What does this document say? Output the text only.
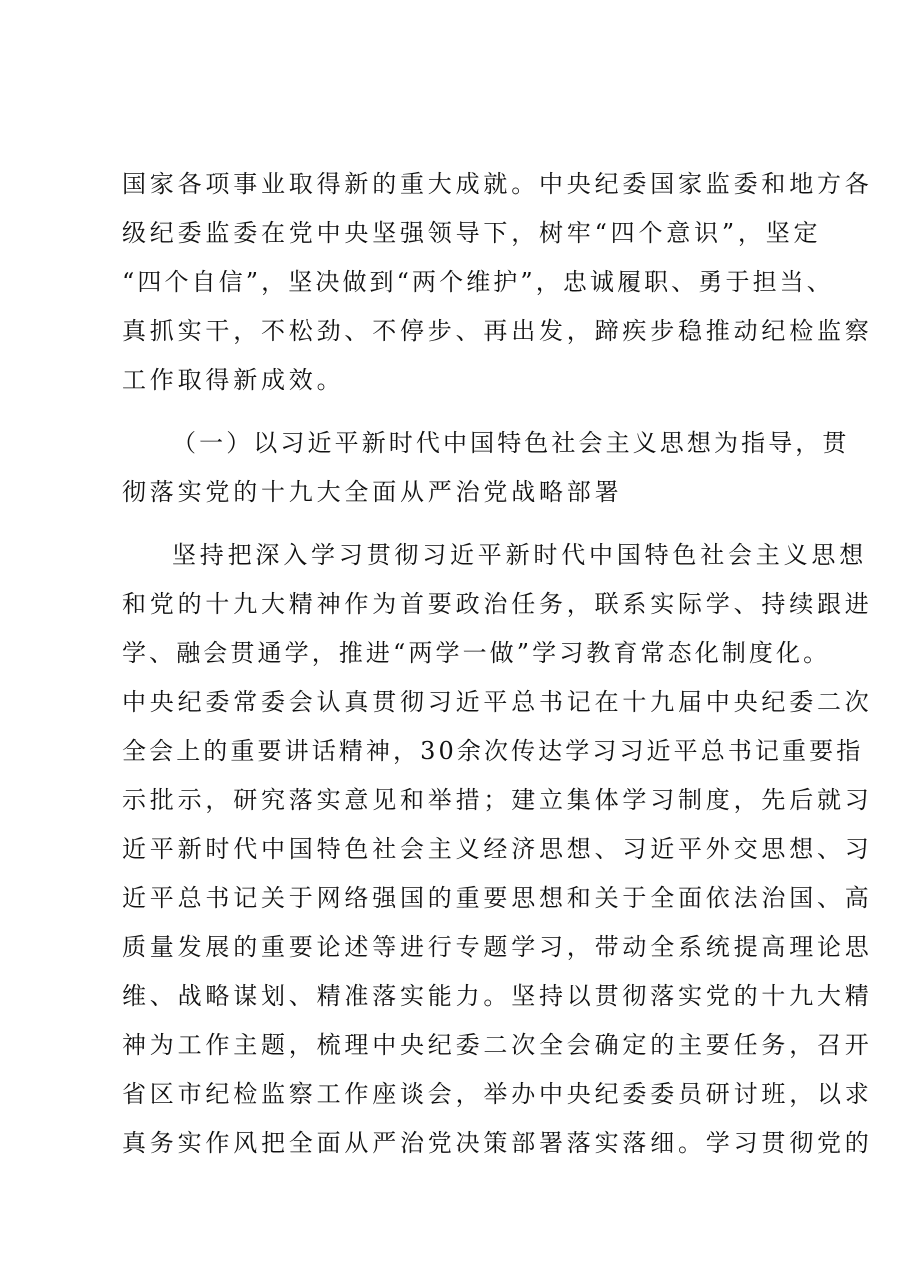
国家各项事业取得新的重大成就。中央纪委国家监委和地方各
级纪委监委在党中央坚强领导下，树牢“四个意识”，坚定
“四个自信”，坚决做到“两个维护”，忠诚履职、勇于担当、
真抓实干，不松劲、不停步、再出发，蹄疾步稳推动纪检监察
工作取得新成效。
（一）以习近平新时代中国特色社会主义思想为指导，贯
彻落实党的十九大全面从严治党战略部署
坚持把深入学习贯彻习近平新时代中国特色社会主义思想
和党的十九大精神作为首要政治任务，联系实际学、持续跟进
学、融会贯通学，推进“两学一做”学习教育常态化制度化。
中央纪委常委会认真贯彻习近平总书记在十九届中央纪委二次
全会上的重要讲话精神，30余次传达学习习近平总书记重要指
示批示，研究落实意见和举措；建立集体学习制度，先后就习
近平新时代中国特色社会主义经济思想、习近平外交思想、习
近平总书记关于网络强国的重要思想和关于全面依法治国、高
质量发展的重要论述等进行专题学习，带动全系统提高理论思
维、战略谋划、精准落实能力。坚持以贯彻落实党的十九大精
神为工作主题，梳理中央纪委二次全会确定的主要任务，召开
省区市纪检监察工作座谈会，举办中央纪委委员研讨班，以求
真务实作风把全面从严治党决策部署落实落细。学习贯彻党的
